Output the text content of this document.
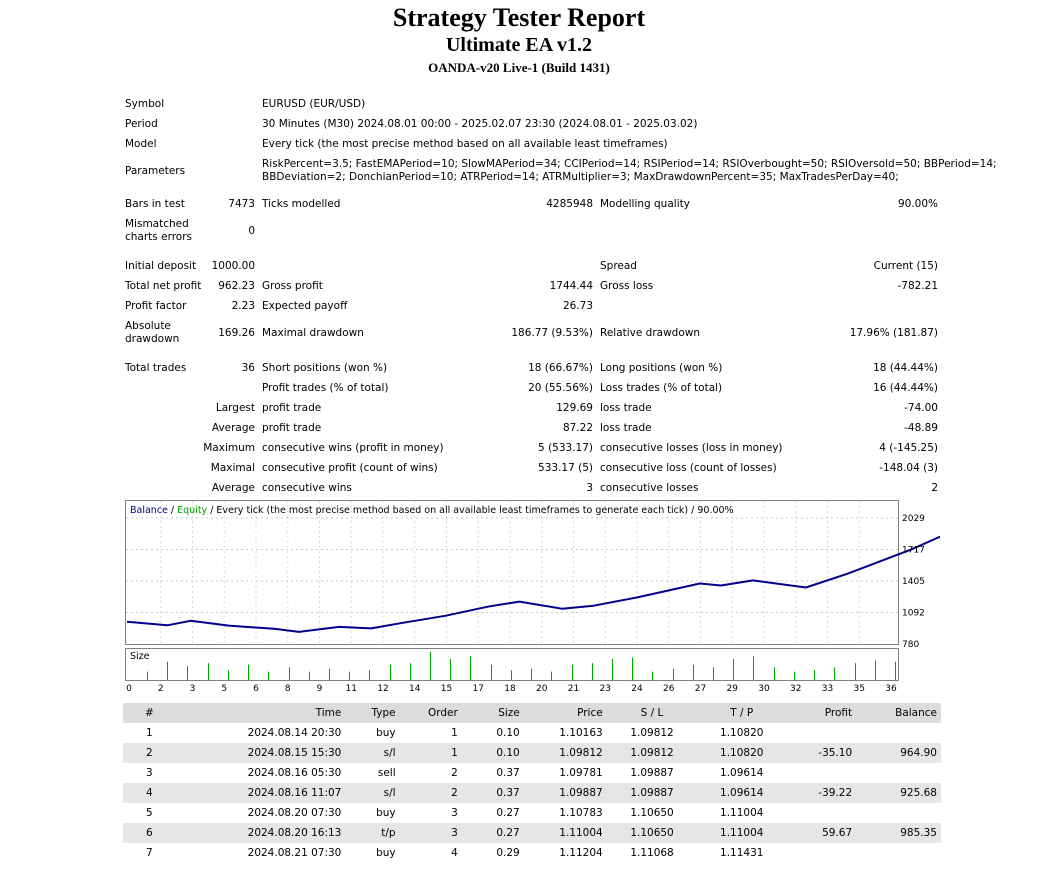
Strategy Tester Report
Ultimate EA v1.2
OANDA-v20 Live-1 (Build 1431)
Symbol	EURUSD (EUR/USD)
Period	30 Minutes (M30) 2024.08.01 00:00 - 2025.02.07 23:30 (2024.08.01 - 2025.03.02)
Model	Every tick (the most precise method based on all available least timeframes)
Parameters
RiskPercent=3.5; FastEMAPeriod=10; SlowMAPeriod=34; CCIPeriod=14; RSIPeriod=14; RSIOverbought=50; RSIOversold=50; BBPeriod=14;
BBDeviation=2; DonchianPeriod=10; ATRPeriod=14; ATRMultiplier=3; MaxDrawdownPercent=35; MaxTradesPerDay=40;
Bars in test	7473 Ticks modelled	4285948 Modelling quality	90.00%
Mismatched charts errors	0
Initial deposit	1000.00	Spread	Current (15)
Total net profit	962.23 Gross profit	1744.44 Gross loss	-782.21
Profit factor	2.23 Expected payoff	26.73
Absolute drawdown	169.26 Maximal drawdown	186.77 (9.53%) Relative drawdown	17.96% (181.87)
Total trades	36 Short positions (won %)	18 (66.67%) Long positions (won %)	18 (44.44%)
Profit trades (% of total)	20 (55.56%) Loss trades (% of total)	16 (44.44%)
Largest profit trade	129.69 loss trade	-74.00
Average profit trade	87.22 loss trade	-48.89
Maximum consecutive wins (profit in money)	5 (533.17) consecutive losses (loss in money)	4 (-145.25)
Maximal consecutive profit (count of wins)	533.17 (5) consecutive loss (count of losses)	-148.04 (3)
Average consecutive wins	3 consecutive losses	2
2029
1717
1405
1092
780
0	2	3	5	6	8	9	11 12 14 15 17 18 20 21 23 24 26 27 29 30 32 33 35 36
Balance / Equity / Every tick (the most precise method based on all available least timeframes to generate each tick) / 90.00%
Size
#	Time	Type	Order	Size	Price	S / L	T / P	Profit	Balance
1	2024.08.14 20:30	buy	1	0.10	1.10163	1.09812	1.10820		
2	2024.08.15 15:30	s/l	1	0.10	1.09812	1.09812	1.10820	-35.10	964.90
3	2024.08.16 05:30	sell	2	0.37	1.09781	1.09887	1.09614		
4	2024.08.16 11:07	s/l	2	0.37	1.09887	1.09887	1.09614	-39.22	925.68
5	2024.08.20 07:30	buy	3	0.27	1.10783	1.10650	1.11004		
6	2024.08.20 16:13	t/p	3	0.27	1.11004	1.10650	1.11004	59.67	985.35
7	2024.08.21 07:30	buy	4	0.29	1.11204	1.11068	1.11431		
